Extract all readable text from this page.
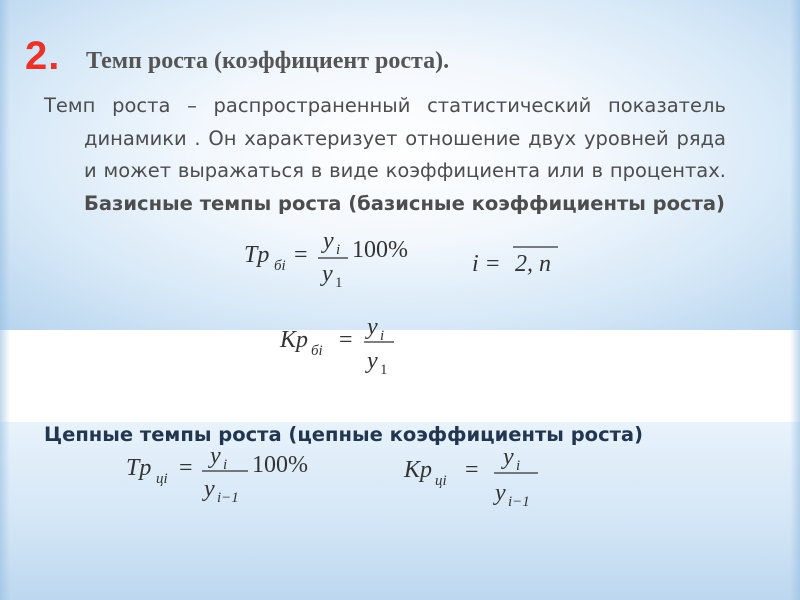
2. Темп роста (коэффициент роста).

Темп роста – распространенный статистический показатель динамики . Он характеризует отношение двух уровней ряда и может выражаться в виде коэффициента или в процентах. Базисные темпы роста (базисные коэффициенты роста)

Tp бi =
y i
y 1
100%
i = 2, n
Kp бi = y i
y 1
Цепные темпы роста (цепные коэффициенты роста)
Tp цi = y i
y i−1
100%	Kp цi = y i
y i−1
